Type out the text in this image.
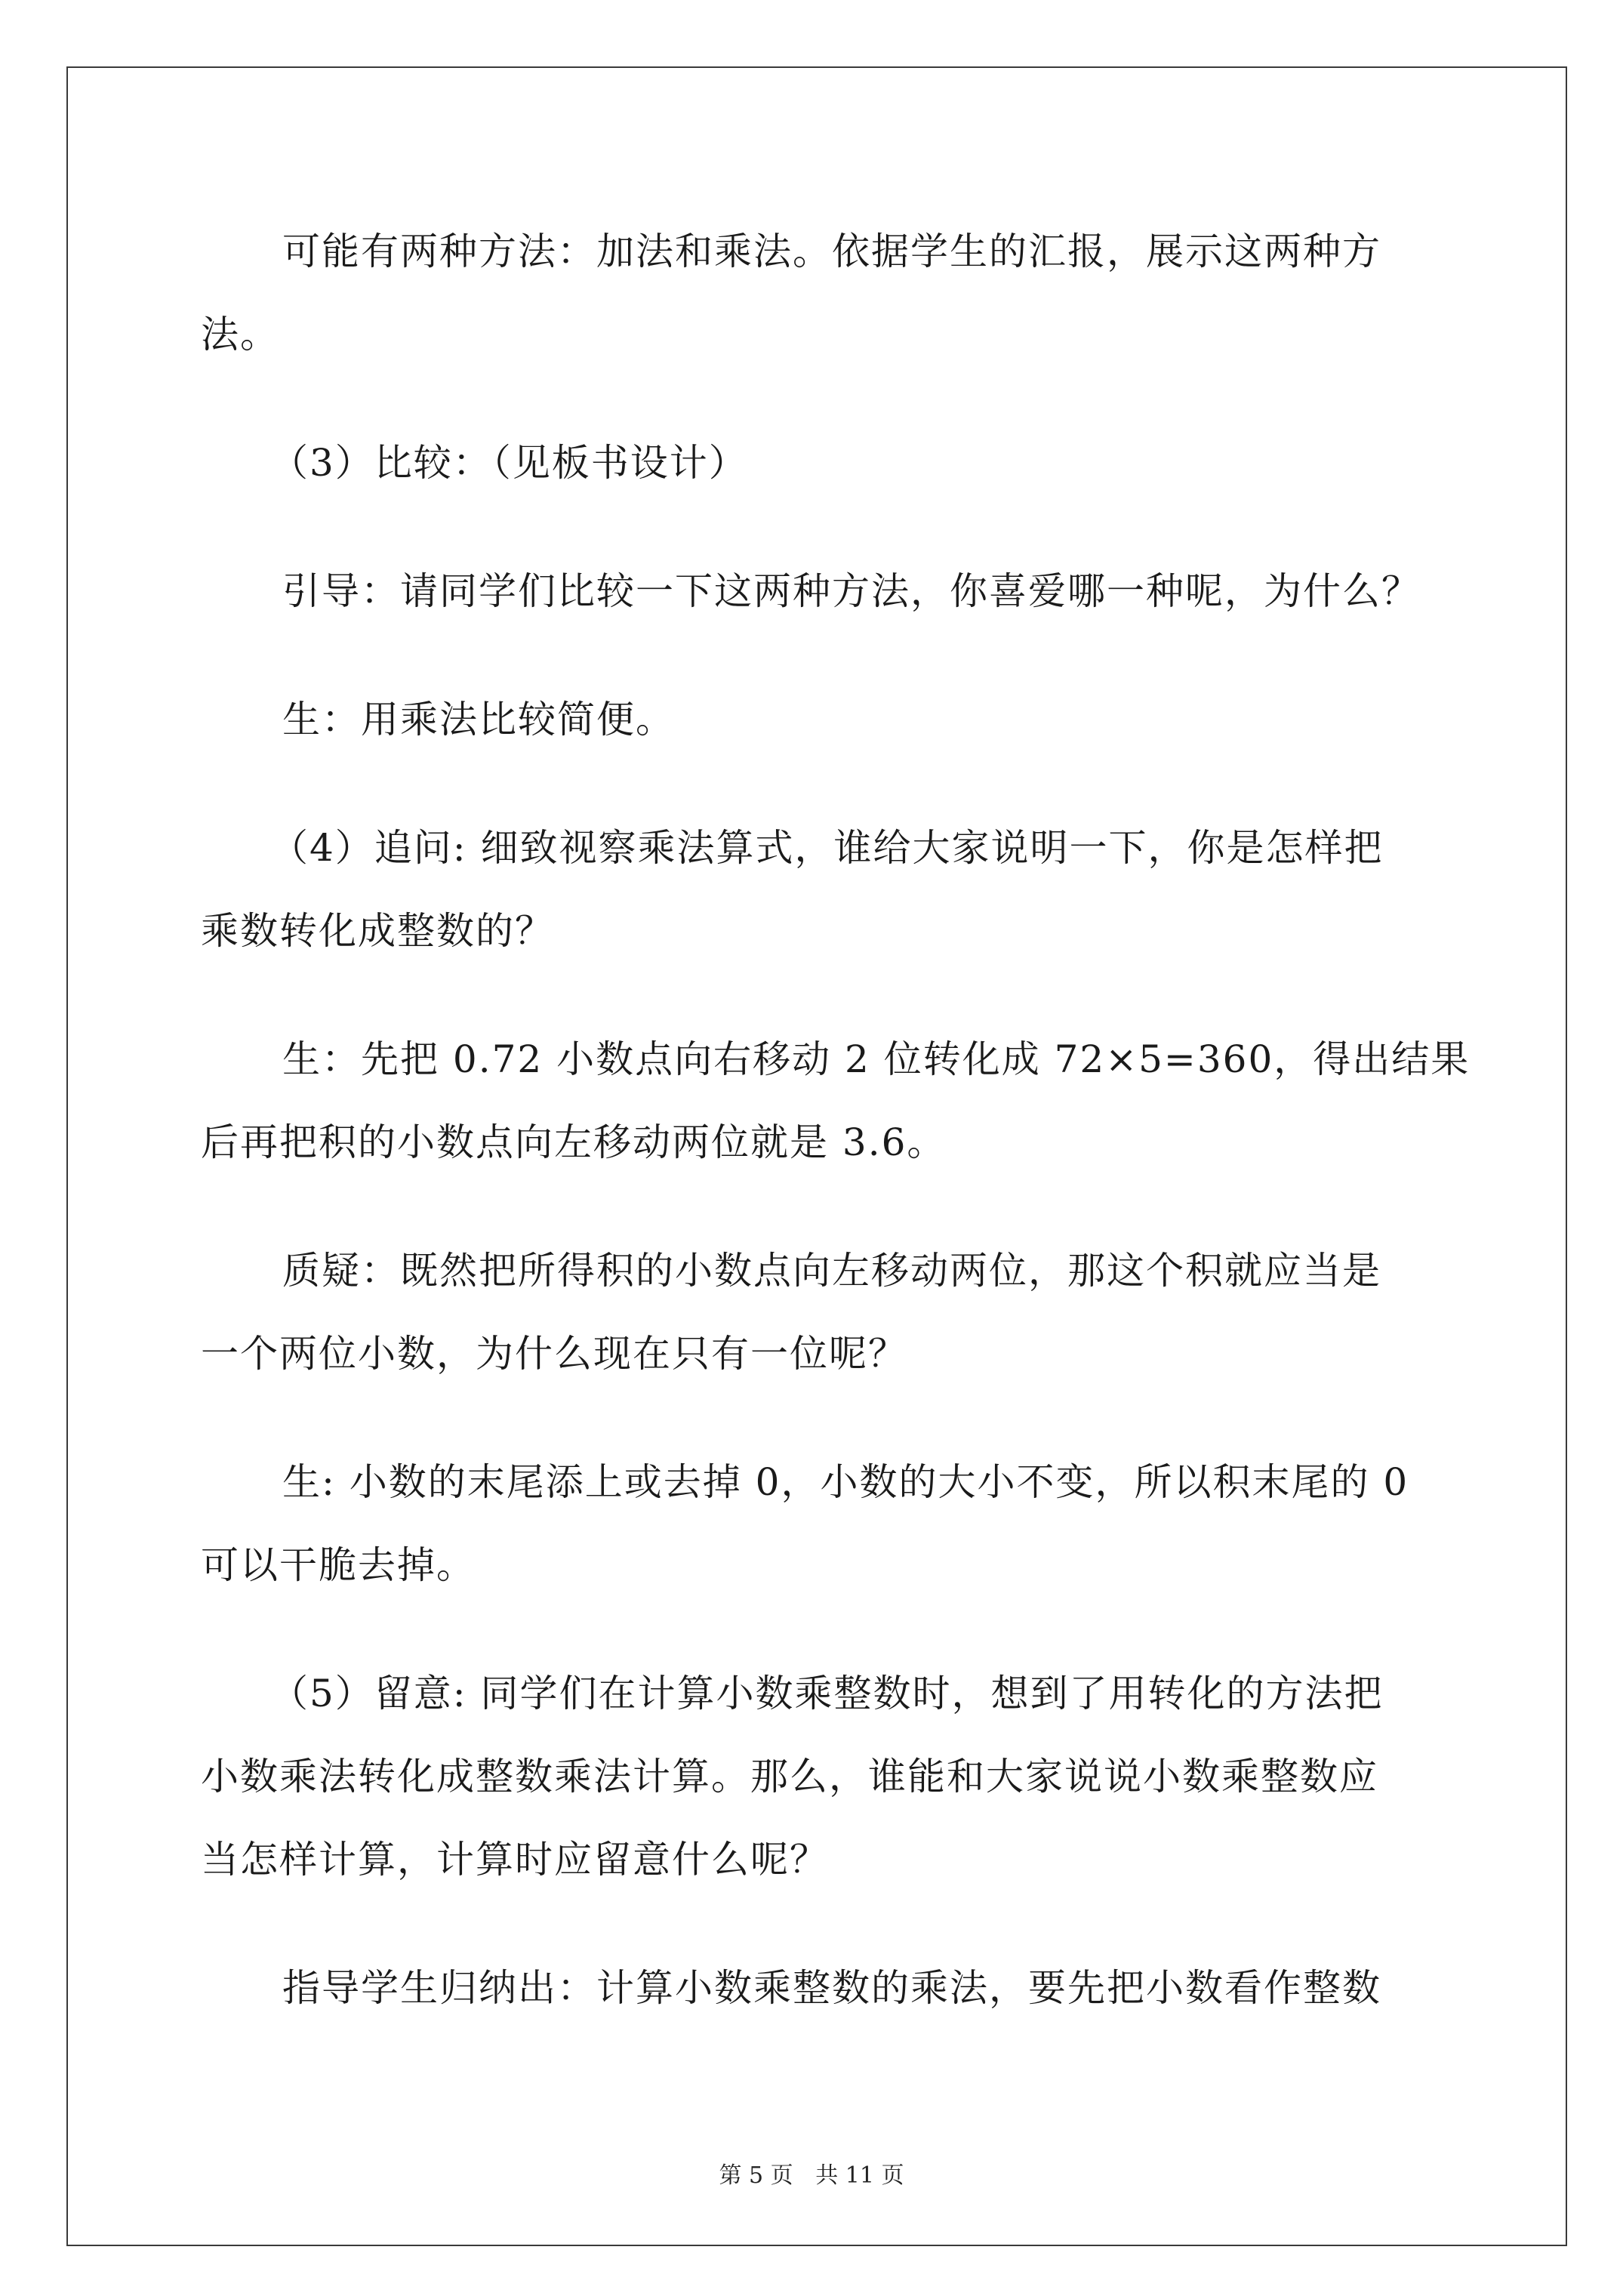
可能有两种方法：加法和乘法。依据学生的汇报，展示这两种方
法。
（3）比较：（见板书设计）
引导：请同学们比较一下这两种方法，你喜爱哪一种呢，为什么？
生：用乘法比较简便。
（4）追问: 细致视察乘法算式，谁给大家说明一下，你是怎样把
乘数转化成整数的？
生：先把 0.72 小数点向右移动 2 位转化成 72×5=360，得出结果
后再把积的小数点向左移动两位就是 3.6。
质疑：既然把所得积的小数点向左移动两位，那这个积就应当是
一个两位小数，为什么现在只有一位呢？
生: 小数的末尾添上或去掉 0，小数的大小不变，所以积末尾的 0
可以干脆去掉。
（5）留意: 同学们在计算小数乘整数时，想到了用转化的方法把
小数乘法转化成整数乘法计算。那么，谁能和大家说说小数乘整数应
当怎样计算，计算时应留意什么呢？
指导学生归纳出：计算小数乘整数的乘法，要先把小数看作整数
第 5 页 共 11 页
